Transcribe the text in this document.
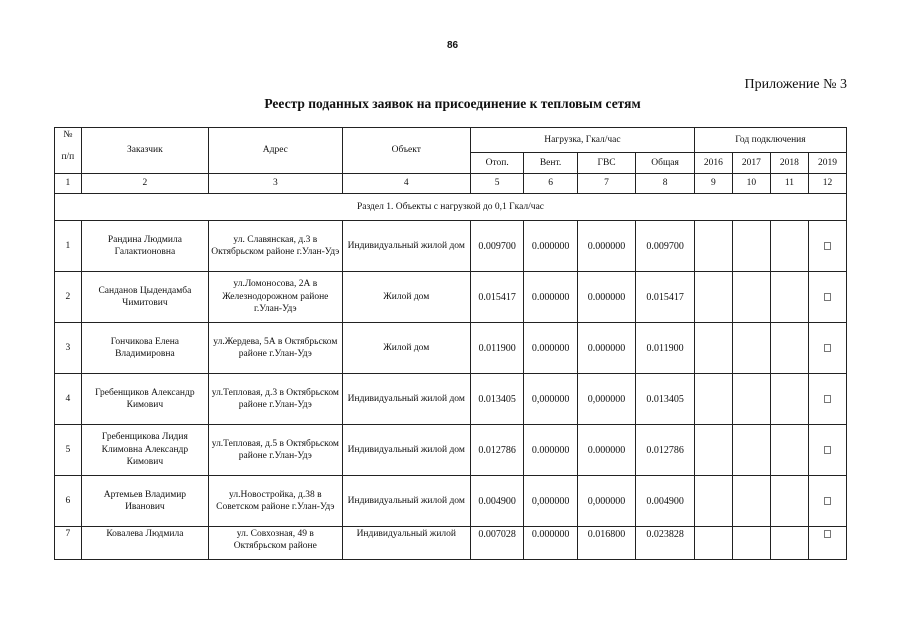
86
Приложение № 3
Реестр поданных заявок на присоединение к тепловым сетям
№
п/п	Заказчик	Адрес	Объект	Нагрузка, Гкал/час				Год подключения			
				Отоп.	Вент.	ГВС	Общая	2016	2017	2018	2019
1	2	3	4	5	6	7	8	9	10	11	12
Раздел 1. Объекты с нагрузкой до 0,1 Гкал/час											
1	Рандина Людмила Галактионовна	ул. Славянская, д.3 в Октябрьском районе г.Улан-Удэ	Индивидуальный жилой дом	0.009700	0.000000	0.000000	0.009700				
2	Санданов Цыдендамба Чимитович	ул.Ломоносова, 2А в Железнодорожном районе г.Улан-Удэ	Жилой дом	0.015417	0.000000	0.000000	0.015417				
3	Гончикова Елена Владимировна	ул.Жердева, 5А в Октябрьском районе г.Улан-Удэ	Жилой дом	0.011900	0.000000	0.000000	0.011900				
4	Гребенщиков Александр Кимович	ул.Тепловая, д.3 в Октябрьском районе г.Улан-Удэ	Индивидуальный жилой дом	0.013405	0,000000	0,000000	0.013405				
5	Гребенщикова Лидия Климовна Александр Кимович	ул.Тепловая, д.5 в Октябрьском районе г.Улан-Удэ	Индивидуальный жилой дом	0.012786	0.000000	0.000000	0.012786				
6	Артемьев Владимир Иванович	ул.Новостройка, д.38 в Советском районе г.Улан-Удэ	Индивидуальный жилой дом	0.004900	0,000000	0,000000	0.004900				
7	Ковалева Людмила	ул. Совхозная, 49 в Октябрьском районе	Индивидуальный жилой	0.007028	0.000000	0.016800	0.023828				
